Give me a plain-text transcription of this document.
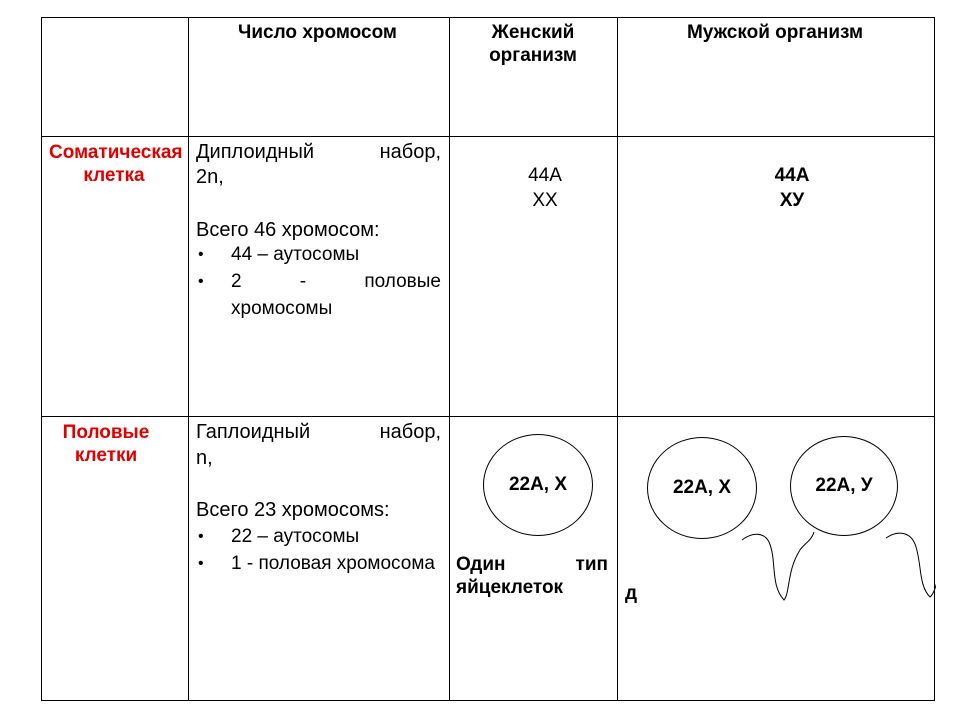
Число хромосом	Женский организм
Мужской организм
Соматическая клетка
Диплоидный набор,
2n,
Всего 46 хромосом:
• 44 – аутосомы
• 2 - половые хромосомы
44А
ХХ
44А
ХУ
Половые клетки
Гаплоидный набор,
n,
Всего 23 хромосомs:
• 22 – аутосомы
• 1 - половая хромосома
22А, Х
Один тип яйцеклеток
22А, Х	22А, У
д
